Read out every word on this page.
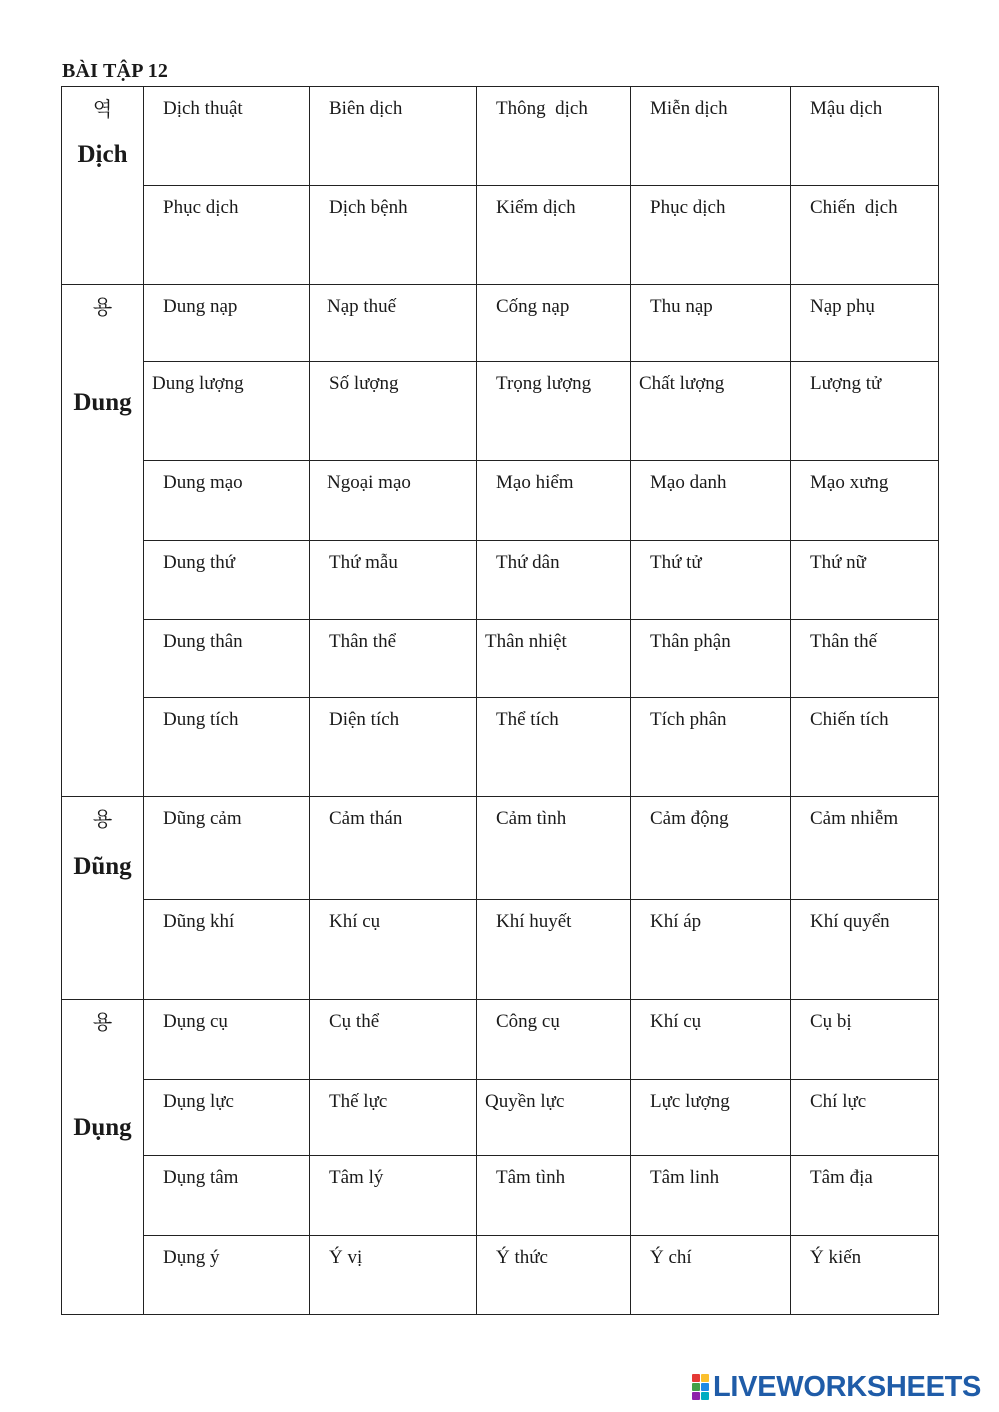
BÀI TẬP 12
역
Dịch	Dịch thuật	Biên dịch	Thông  dịch	Miễn dịch	Mậu dịch
	Phục dịch	Dịch bệnh	Kiểm dịch	Phục dịch	Chiến  dịch

용
Dung	Dung nạp	Nạp thuế	Cống nạp	Thu nạp	Nạp phụ
	Dung lượng	Số lượng	Trọng lượng	Chất lượng	Lượng tử
	Dung mạo	Ngoại mạo	Mạo hiểm	Mạo danh	Mạo xưng
	Dung thứ	Thứ mẫu	Thứ dân	Thứ tử	Thứ nữ
	Dung thân	Thân thể	Thân nhiệt	Thân phận	Thân thế
	Dung tích	Diện tích	Thể tích	Tích phân	Chiến tích

용
Dũng	Dũng cảm	Cảm thán	Cảm tình	Cảm động	Cảm nhiễm
	Dũng khí	Khí cụ	Khí huyết	Khí áp	Khí quyển

용
Dụng	Dụng cụ	Cụ thể	Công cụ	Khí cụ	Cụ bị
	Dụng lực	Thế lực	Quyền lực	Lực lượng	Chí lực
	Dụng tâm	Tâm lý	Tâm tình	Tâm linh	Tâm địa
	Dụng ý	Ý vị	Ý thức	Ý chí	Ý kiến
LIVEWORKSHEETS
